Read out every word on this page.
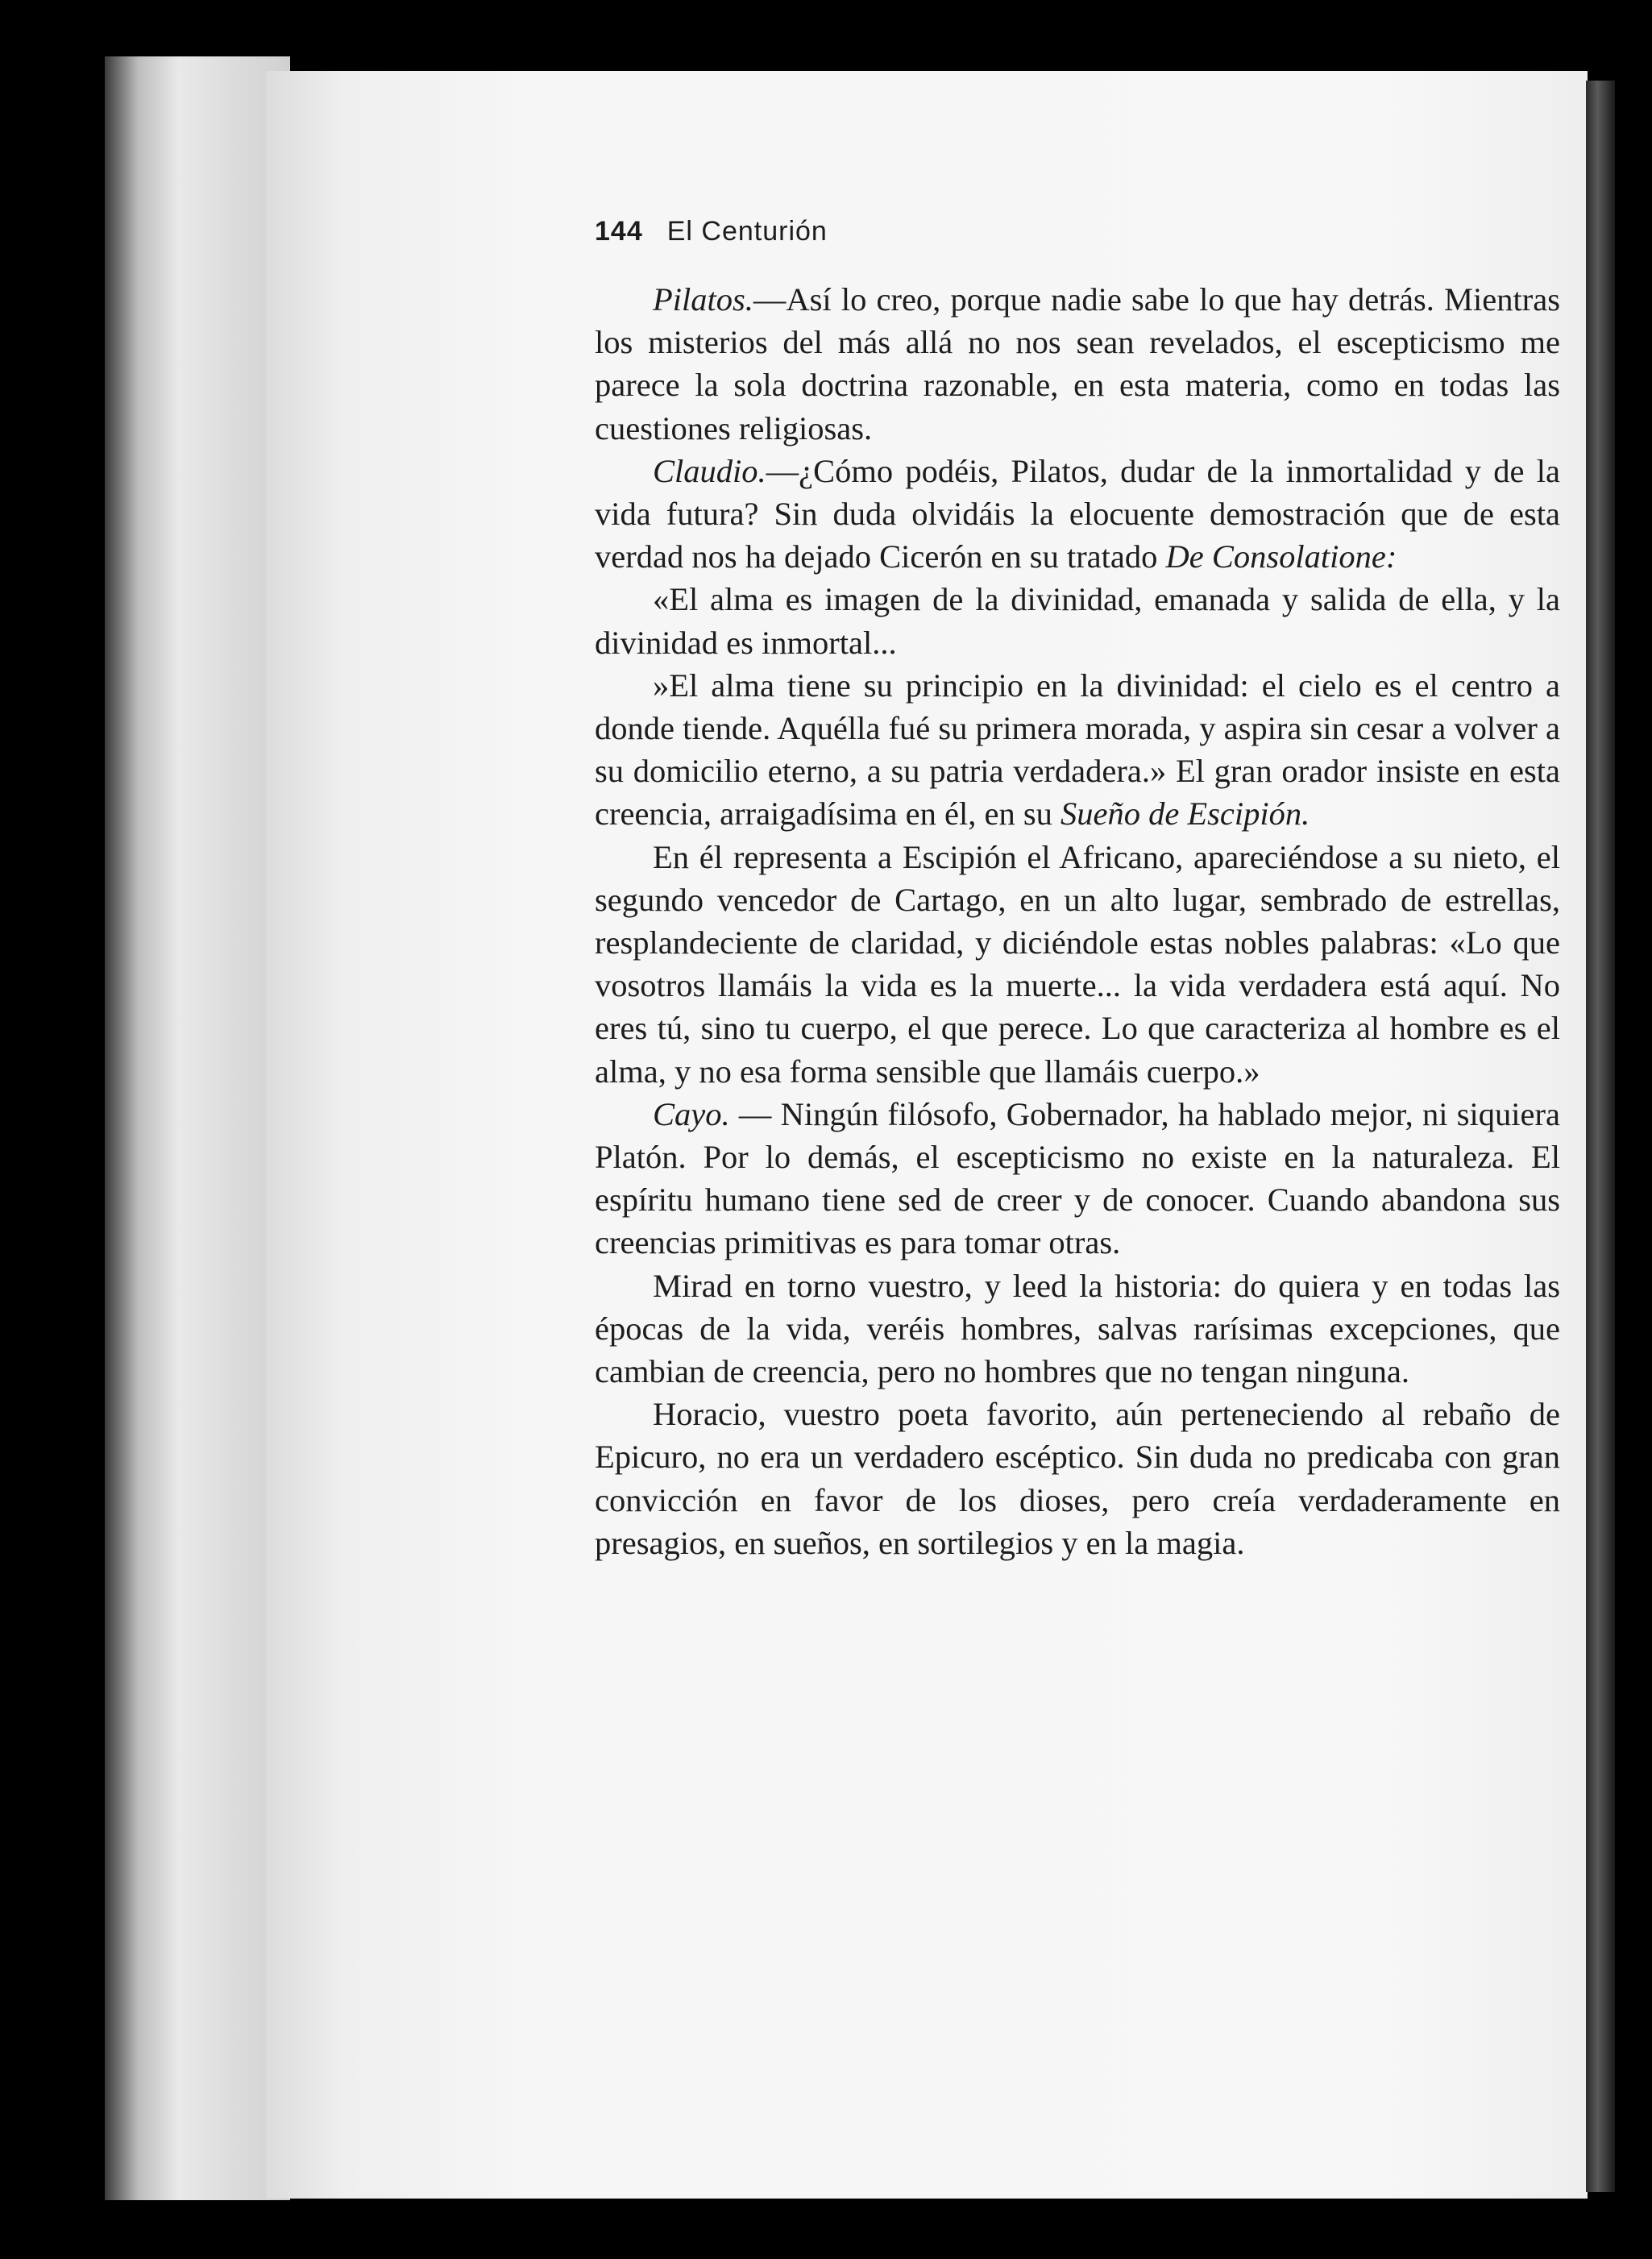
144 El Centurión

Pilatos.—Así lo creo, porque nadie sabe lo que hay detrás. Mientras los misterios del más allá no nos sean revelados, el escepticismo me parece la sola doctrina razonable, en esta materia, como en todas las cuestiones religiosas.

Claudio.—¿Cómo podéis, Pilatos, dudar de la inmortalidad y de la vida futura? Sin duda olvidáis la elocuente demostración que de esta verdad nos ha dejado Cicerón en su tratado De Consolatione:

«El alma es imagen de la divinidad, emanada y salida de ella, y la divinidad es inmortal...

»El alma tiene su principio en la divinidad: el cielo es el centro a donde tiende. Aquélla fué su primera morada, y aspira sin cesar a volver a su domicilio eterno, a su patria verdadera.» El gran orador insiste en esta creencia, arraigadísima en él, en su Sueño de Escipión.

En él representa a Escipión el Africano, apareciéndose a su nieto, el segundo vencedor de Cartago, en un alto lugar, sembrado de estrellas, resplandeciente de claridad, y diciéndole estas nobles palabras: «Lo que vosotros llamáis la vida es la muerte... la vida verdadera está aquí. No eres tú, sino tu cuerpo, el que perece. Lo que caracteriza al hombre es el alma, y no esa forma sensible que llamáis cuerpo.»

Cayo. — Ningún filósofo, Gobernador, ha hablado mejor, ni siquiera Platón. Por lo demás, el escepticismo no existe en la naturaleza. El espíritu humano tiene sed de creer y de conocer. Cuando abandona sus creencias primitivas es para tomar otras.

Mirad en torno vuestro, y leed la historia: do quiera y en todas las épocas de la vida, veréis hombres, salvas rarísimas excepciones, que cambian de creencia, pero no hombres que no tengan ninguna.

Horacio, vuestro poeta favorito, aún perteneciendo al rebaño de Epicuro, no era un verdadero escéptico. Sin duda no predicaba con gran convicción en favor de los dioses, pero creía verdaderamente en presagios, en sueños, en sortilegios y en la magia.
